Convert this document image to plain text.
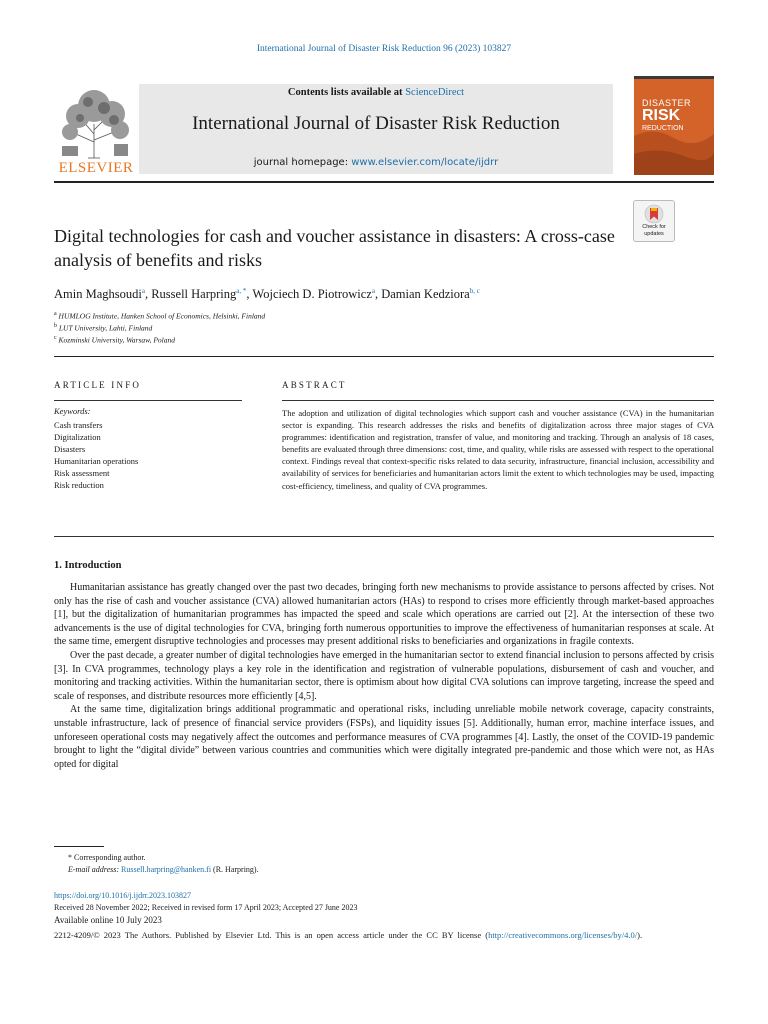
International Journal of Disaster Risk Reduction 96 (2023) 103827
ELSEVIER
Contents lists available at ScienceDirect
International Journal of Disaster Risk Reduction
journal homepage: www.elsevier.com/locate/ijdrr
DISASTER
RISK
REDUCTION
Check for
updates
Digital technologies for cash and voucher assistance in disasters: A cross-case analysis of benefits and risks
Amin Maghsoudi$^a$, Russell Harpring$^{a, *}$, Wojciech D. Piotrowicz$^a$, Damian Kedziora$^{b, c}$
$^a$ HUMLOG Institute, Hanken School of Economics, Helsinki, Finland
$^b$ LUT University, Lahti, Finland
$^c$ Kozminski University, Warsaw, Poland
ARTICLE INFO
Keywords:
Cash transfers
Digitalization
Disasters
Humanitarian operations
Risk assessment
Risk reduction
ABSTRACT
The adoption and utilization of digital technologies which support cash and voucher assistance (CVA) in the humanitarian sector is expanding. This research addresses the risks and benefits of digitalization across three major stages of CVA programmes: identification and registration, transfer of value, and monitoring and tracking. Through an analysis of 18 cases, benefits are evaluated through three dimensions: cost, time, and quality, while risks are assessed with respect to the operational context. Findings reveal that context-specific risks related to data security, infrastructure, financial inclusion, accessibility and availability of services for beneficiaries and humanitarian actors limit the extent to which technologies may be used, impacting cost-efficiency, timeliness, and quality of CVA programmes.
1. Introduction

Humanitarian assistance has greatly changed over the past two decades, bringing forth new mechanisms to provide assistance to persons affected by crises. Not only has the rise of cash and voucher assistance (CVA) allowed humanitarian actors (HAs) to respond to crises more efficiently through market-based approaches [1], but the digitalization of humanitarian programmes has impacted the speed and scale which operations are carried out [2]. At the intersection of these two advancements is the use of digital technologies for CVA, bringing forth numerous opportunities to improve the effectiveness of humanitarian responses at scale. At the same time, emergent disruptive technologies and processes may present additional risks to beneficiaries and organizations in fragile contexts.

Over the past decade, a greater number of digital technologies have emerged in the humanitarian sector to extend financial inclusion to persons affected by crisis [3]. In CVA programmes, technology plays a key role in the identification and registration of vulnerable populations, disbursement of cash and voucher, and monitoring and tracking activities. Within the humanitarian sector, there is optimism about how digital CVA solutions can improve targeting, increase the speed and scale of responses, and distribute resources more efficiently [4,5].

At the same time, digitalization brings additional programmatic and operational risks, including unreliable mobile network coverage, capacity constraints, unstable infrastructure, lack of presence of financial service providers (FSPs), and liquidity issues [5]. Additionally, human error, machine interface issues, and unforeseen operational costs may negatively affect the outcomes and performance measures of CVA programmes [4]. Lastly, the onset of the COVID-19 pandemic brought to light the “digital divide” between various countries and communities which were digitally integrated pre-pandemic and those which were not, as HAs opted for digital

* Corresponding author.
E-mail address: Russell.harpring@hanken.fi (R. Harpring).
https://doi.org/10.1016/j.ijdrr.2023.103827
Received 28 November 2022; Received in revised form 17 April 2023; Accepted 27 June 2023
Available online 10 July 2023
2212-4209/© 2023 The Authors. Published by Elsevier Ltd. This is an open access article under the CC BY license (http://creativecommons.org/licenses/by/4.0/).
